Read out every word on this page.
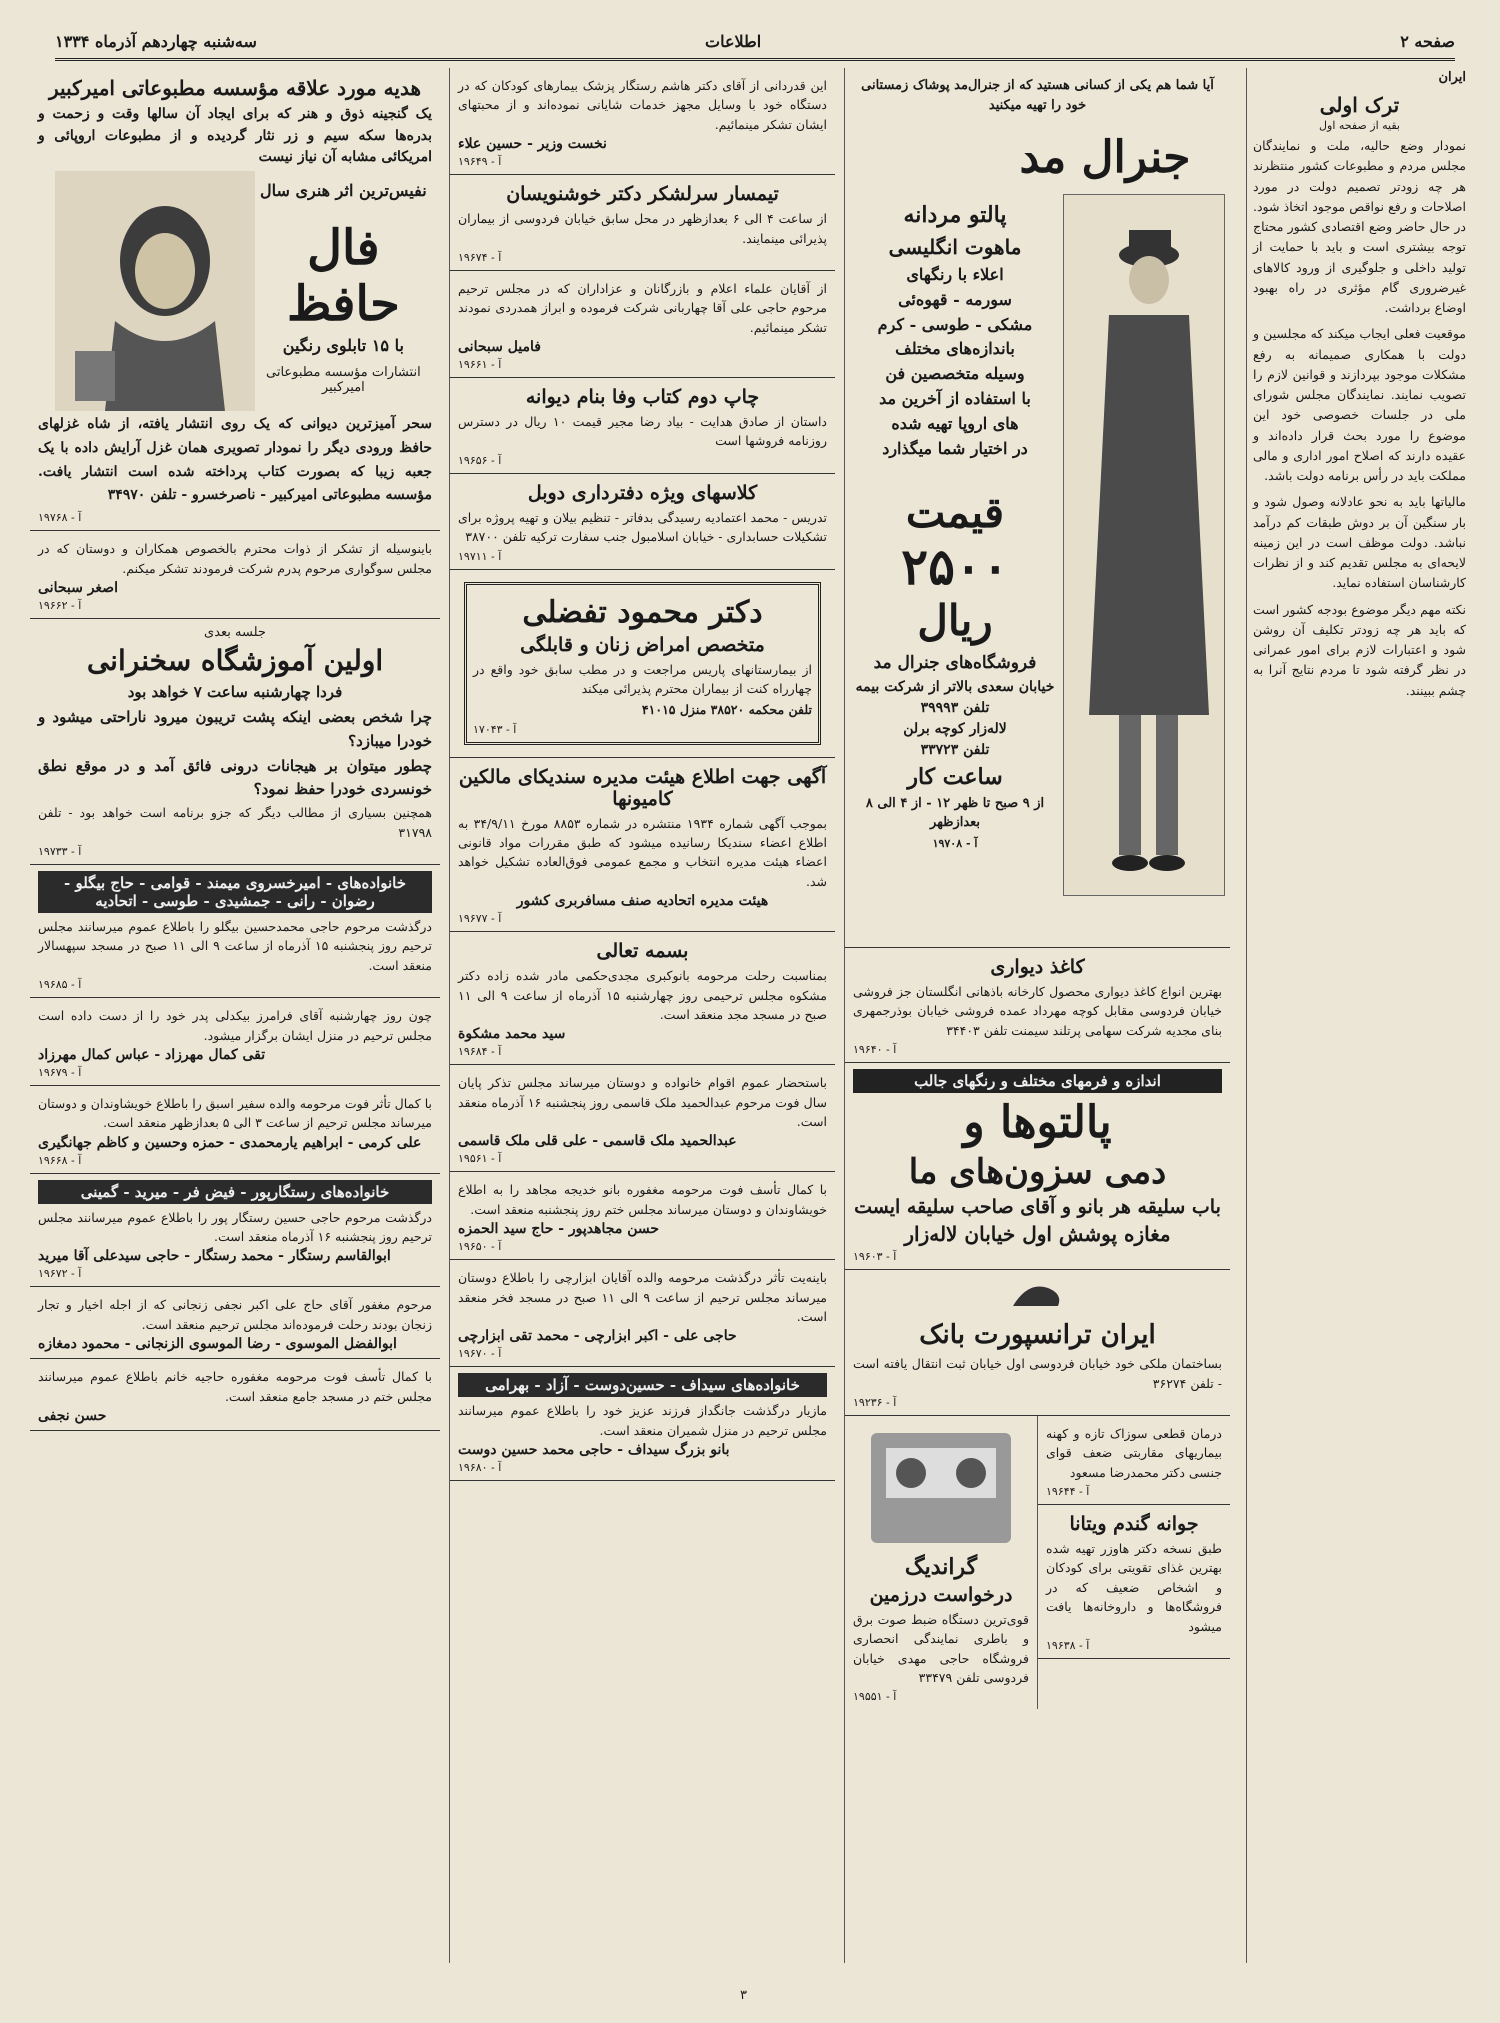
صفحه ۲
اطلاعات
سه‌شنبه چهاردهم آذرماه ۱۳۳۴
ایران
ترک اولی
بقیه از صفحه اول

نمودار وضع حالیه، ملت و نمایندگان مجلس مردم و مطبوعات کشور منتظرند هر چه زودتر تصمیم دولت در مورد اصلاحات و رفع نواقص موجود اتخاذ شود. در حال حاضر وضع اقتصادی کشور محتاج توجه بیشتری است و باید با حمایت از تولید داخلی و جلوگیری از ورود کالاهای غیرضروری گام مؤثری در راه بهبود اوضاع برداشت.

موقعیت فعلی ایجاب میکند که مجلسین و دولت با همکاری صمیمانه به رفع مشکلات موجود بپردازند و قوانین لازم را تصویب نمایند. نمایندگان مجلس شورای ملی در جلسات خصوصی خود این موضوع را مورد بحث قرار داده‌اند و عقیده دارند که اصلاح امور اداری و مالی مملکت باید در رأس برنامه دولت باشد.

مالیاتها باید به نحو عادلانه وصول شود و بار سنگین آن بر دوش طبقات کم درآمد نباشد. دولت موظف است در این زمینه لایحه‌ای به مجلس تقدیم کند و از نظرات کارشناسان استفاده نماید.

نکته مهم دیگر موضوع بودجه کشور است که باید هر چه زودتر تکلیف آن روشن شود و اعتبارات لازم برای امور عمرانی در نظر گرفته شود تا مردم نتایج آنرا به چشم ببینند.

آیا شما هم یکی از کسانی هستید که از جنرال‌مد پوشاک زمستانی خود را تهیه میکنید

جنرال مد
پالتو مردانه
ماهوت انگلیسی
اعلاء با رنگهای
سورمه - قهوه‌ئی
مشکی - طوسی - کرم
باندازه‌های مختلف
وسیله متخصصین فن
با استفاده از آخرین مد
های اروپا تهیه شده
در اختیار شما میگذارد
قیمت
۲۵۰۰
ریال
فروشگاه‌های جنرال مد
خیابان سعدی بالاتر از شرکت بیمه
تلفن ۳۹۹۹۳
لاله‌زار کوچه برلن
تلفن ۳۳۷۲۳
ساعت کار
از ۹ صبح تا ظهر ۱۲ - از ۴ الی ۸ بعدازظهر
آ - ۱۹۷۰۸
کاغذ دیواری

بهترین انواع کاغذ دیواری محصول کارخانه باذهانی انگلستان جز فروشی خیابان فردوسی مقابل کوچه مهرداد عمده فروشی خیابان بوذرجمهری بنای مجدیه شرکت سهامی پرتلند سیمنت تلفن ۳۴۴۰۳

آ - ۱۹۶۴۰
اندازه و فرمهای مختلف و رنگهای جالب
پالتوها و
دمی سزون‌های ما
باب سلیقه هر بانو و آقای صاحب سلیقه ایست
مغازه پوشش اول خیابان لاله‌زار
آ - ۱۹۶۰۳
ایران ترانسپورت بانک

بساختمان ملکی خود خیابان فردوسی اول خیابان ثبت انتقال یافته است - تلفن ۳۶۲۷۴

آ - ۱۹۲۳۶

درمان قطعی سوزاک تازه و کهنه بیماریهای مقاربتی ضعف قوای جنسی دکتر محمدرضا مسعود

آ - ۱۹۶۴۴
جوانه گندم ویتانا

طبق نسخه دکتر هاوزر تهیه شده بهترین غذای تقویتی برای کودکان و اشخاص ضعیف که در فروشگاه‌ها و داروخانه‌ها یافت میشود

آ - ۱۹۶۳۸
گراندیگ
درخواست درزمین

قوی‌ترین دستگاه ضبط صوت برق و باطری نمایندگی انحصاری فروشگاه حاجی مهدی خیابان فردوسی تلفن ۳۳۴۷۹

آ - ۱۹۵۵۱

این قدردانی از آقای دکتر هاشم رستگار پزشک بیمارهای کودکان که در دستگاه خود با وسایل مجهز خدمات شایانی نموده‌اند و از محبتهای ایشان تشکر مینمائیم.

نخست وزیر - حسین علاء
آ - ۱۹۶۴۹
تیمسار سرلشکر دکتر خوشنویسان

از ساعت ۴ الی ۶ بعدازظهر در محل سابق خیابان فردوسی از بیماران پذیرائی مینمایند.

آ - ۱۹۶۷۴

از آقایان علماء اعلام و بازرگانان و عزاداران که در مجلس ترحیم مرحوم حاجی علی آقا چهاربانی شرکت فرموده و ابراز همدردی نمودند تشکر مینمائیم.

فامیل سبحانی
آ - ۱۹۶۶۱
چاپ دوم کتاب وفا بنام دیوانه

داستان از صادق هدایت - بیاد رضا مجیر قیمت ۱۰ ریال در دسترس روزنامه فروشها است

آ - ۱۹۶۵۶
کلاسهای ویژه دفترداری دوبل

تدریس - محمد اعتمادیه رسیدگی بدفاتر - تنظیم بیلان و تهیه پروژه برای تشکیلات حسابداری - خیابان اسلامبول جنب سفارت ترکیه تلفن ۳۸۷۰۰

آ - ۱۹۷۱۱
دکتر محمود تفضلی
متخصص امراض زنان و قابلگی

از بیمارستانهای پاریس مراجعت و در مطب سابق خود واقع در چهارراه کنت از بیماران محترم پذیرائی میکند

تلفن محکمه ۳۸۵۲۰ منزل ۴۱۰۱۵

آ - ۱۷۰۴۳
آگهی جهت اطلاع هیئت مدیره سندیکای مالکین کامیونها

بموجب آگهی شماره ۱۹۳۴ منتشره در شماره ۸۸۵۳ مورخ ۳۴/۹/۱۱ به اطلاع اعضاء سندیکا رسانیده میشود که طبق مقررات مواد قانونی اعضاء هیئت مدیره انتخاب و مجمع عمومی فوق‌العاده تشکیل خواهد شد.

هیئت مدیره اتحادیه صنف مسافربری کشور
آ - ۱۹۶۷۷
بسمه تعالی

بمناسبت رحلت مرحومه بانوکبری مجدی‌حکمی مادر شده زاده دکتر مشکوه مجلس ترحیمی روز چهارشنبه ۱۵ آذرماه از ساعت ۹ الی ۱۱ صبح در مسجد مجد منعقد است.

سید محمد مشکوة
آ - ۱۹۶۸۴

باستحضار عموم اقوام خانواده و دوستان میرساند مجلس تذکر پایان سال فوت مرحوم عبدالحمید ملک قاسمی روز پنجشنبه ۱۶ آذرماه منعقد است.

عبدالحمید ملک قاسمی - علی قلی ملک قاسمی
آ - ۱۹۵۶۱

با کمال تأسف فوت مرحومه مغفوره بانو خدیجه مجاهد را به اطلاع خویشاوندان و دوستان میرساند مجلس ختم روز پنجشنبه منعقد است.

حسن مجاهدپور - حاج سید الحمزه
آ - ۱۹۶۵۰

باینه‌یت تأثر درگذشت مرحومه والده آقایان ابزارچی را باطلاع دوستان میرساند مجلس ترحیم از ساعت ۹ الی ۱۱ صبح در مسجد فخر منعقد است.

حاجی علی - اکبر ابزارچی - محمد تقی ابزارچی
آ - ۱۹۶۷۰
خانواده‌های سیداف - حسین‌دوست - آزاد - بهرامی

مازیار درگذشت جانگداز فرزند عزیز خود را باطلاع عموم میرسانند مجلس ترحیم در منزل شمیران منعقد است.

بانو بزرگ سیداف - حاجی محمد حسین دوست
آ - ۱۹۶۸۰
هدیه مورد علاقه مؤسسه مطبوعاتی امیرکبیر

یک گنجینه ذوق و هنر که برای ایجاد آن سالها وقت و زحمت و بدره‌ها سکه سیم و زر نثار گردیده و از مطبوعات اروپائی و امریکائی مشابه آن نیاز نیست

نفیس‌ترین اثر هنری سال
فال حافظ
با ۱۵ تابلوی رنگین
انتشارات مؤسسه مطبوعاتی امیرکبیر

سحر آمیزترین دیوانی که یک روی انتشار یافته، از شاه غزلهای حافظ ورودی دیگر را نمودار تصویری همان غزل آرایش داده با یک جعبه زیبا که بصورت کتاب پرداخته شده است انتشار یافت. مؤسسه مطبوعاتی امیرکبیر - ناصرخسرو - تلفن ۳۴۹۷۰

آ - ۱۹۷۶۸

باینوسیله از تشکر از ذوات محترم بالخصوص همکاران و دوستان که در مجلس سوگواری مرحوم پدرم شرکت فرمودند تشکر میکنم.

اصغر سبحانی
آ - ۱۹۶۶۲
جلسه بعدی
اولین آموزشگاه سخنرانی

فردا چهارشنبه ساعت ۷ خواهد بود

چرا شخص بعضی اینکه پشت تریبون میرود ناراحتی میشود و خودرا میبازد؟

چطور میتوان بر هیجانات درونی فائق آمد و در موقع نطق خونسردی خودرا حفظ نمود؟

همچنین بسیاری از مطالب دیگر که جزو برنامه است خواهد بود - تلفن ۳۱۷۹۸

آ - ۱۹۷۳۳
خانواده‌های - امیرخسروی میمند - قوامی - حاج بیگلو - رضوان - رانی - جمشیدی - طوسی - اتحادیه

درگذشت مرحوم حاجی محمدحسین بیگلو را باطلاع عموم میرسانند مجلس ترحیم روز پنجشنبه ۱۵ آذرماه از ساعت ۹ الی ۱۱ صبح در مسجد سپهسالار منعقد است.

آ - ۱۹۶۸۵

چون روز چهارشنبه آقای فرامرز بیکدلی پدر خود را از دست داده است مجلس ترحیم در منزل ایشان برگزار میشود.

تقی کمال مهرزاد - عباس کمال مهرزاد
آ - ۱۹۶۷۹

با کمال تأثر فوت مرحومه والده سفیر اسبق را باطلاع خویشاوندان و دوستان میرساند مجلس ترحیم از ساعت ۳ الی ۵ بعدازظهر منعقد است.

علی کرمی - ابراهیم یارمحمدی - حمزه وحسین و کاظم جهانگیری
آ - ۱۹۶۶۸
خانواده‌های رستگارپور - فیض فر - میرید - گمینی

درگذشت مرحوم حاجی حسین رستگار پور را باطلاع عموم میرسانند مجلس ترحیم روز پنجشنبه ۱۶ آذرماه منعقد است.

ابوالقاسم رستگار - محمد رستگار - حاجی سیدعلی آقا میرید
آ - ۱۹۶۷۲

مرحوم مغفور آقای حاج علی اکبر نجفی زنجانی که از اجله اخیار و تجار زنجان بودند رحلت فرموده‌اند مجلس ترحیم منعقد است.

ابوالفضل الموسوی - رضا الموسوی الزنجانی - محمود دمغازه

با کمال تأسف فوت مرحومه مغفوره حاجیه خانم باطلاع عموم میرسانند مجلس ختم در مسجد جامع منعقد است.

حسن نجفی
۳
